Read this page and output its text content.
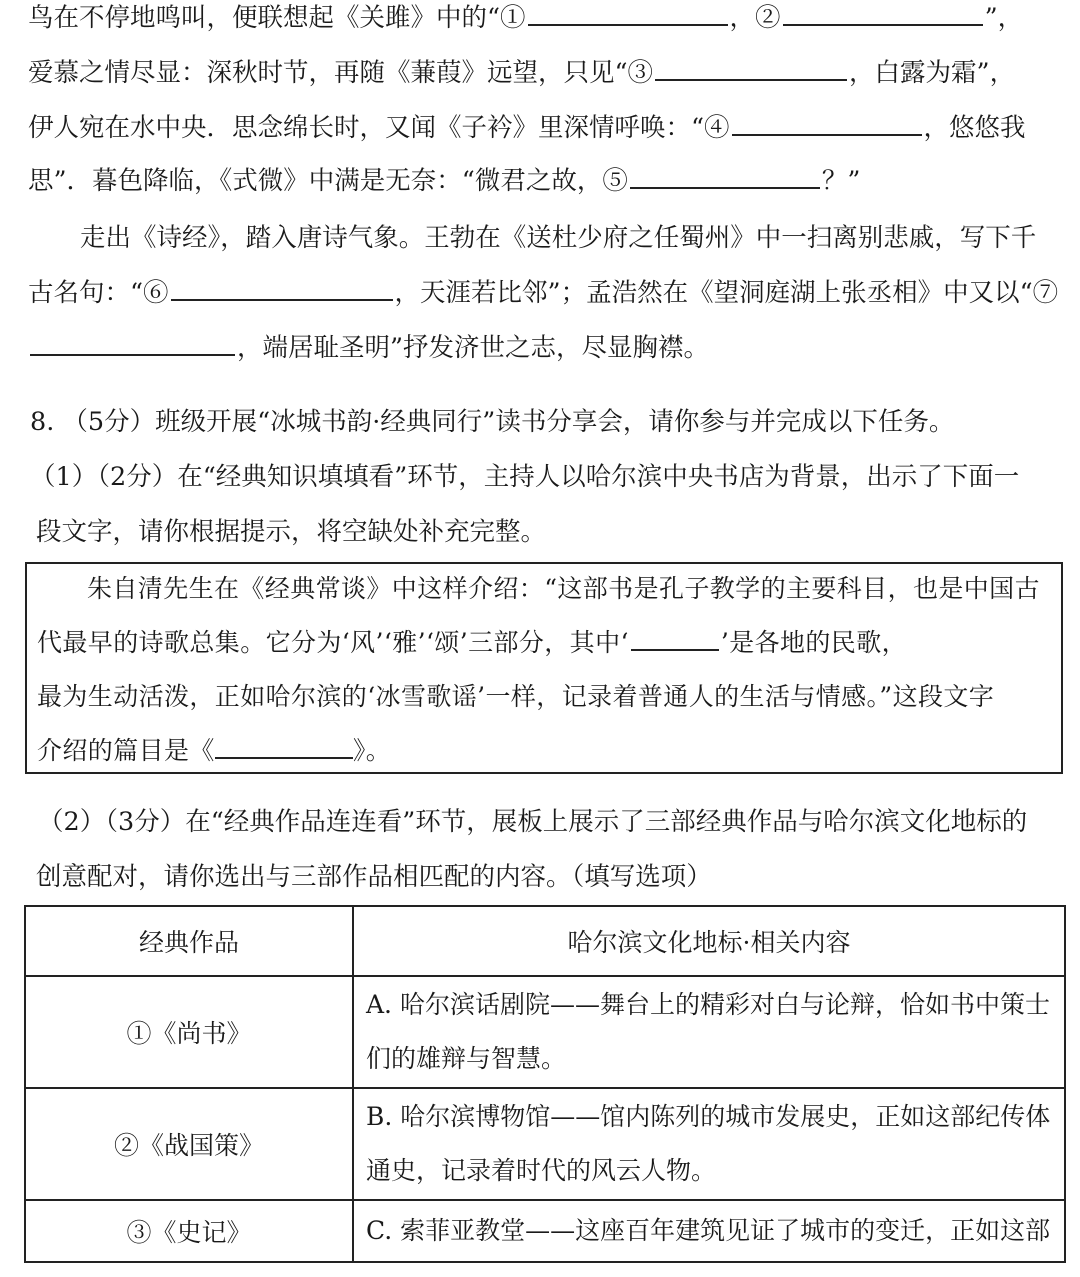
鸟在不停地鸣叫，便联想起《关雎》中的“①	，②	”，
爱慕之情尽显：深秋时节，再随《蒹葭》远望，只见“③	，白露为霜”，
伊人宛在水中央．思念绵长时，又闻《子衿》里深情呼唤：“④	，悠悠我
思”．暮色降临，《式微》中满是无奈：“微君之故，⑤	？”
走出《诗经》，踏入唐诗气象。王勃在《送杜少府之任蜀州》中一扫离别悲戚，写下千
古名句：“⑥	，天涯若比邻”；孟浩然在《望洞庭湖上张丞相》中又以“⑦
，端居耻圣明”抒发济世之志，尽显胸襟。
8. （5分）班级开展“冰城书韵·经典同行”读书分享会，请你参与并完成以下任务。
（1）（2分）在“经典知识填填看”环节，主持人以哈尔滨中央书店为背景，出示了下面一
段文字，请你根据提示，将空缺处补充完整。
朱自清先生在《经典常谈》中这样介绍：“这部书是孔子教学的主要科目，也是中国古
代最早的诗歌总集。它分为‘风’‘雅’‘颂’三部分，其中‘	’是各地的民歌，
最为生动活泼，正如哈尔滨的‘冰雪歌谣’一样，记录着普通人的生活与情感。”这段文字
介绍的篇目是《	》。
（2）（3分）在“经典作品连连看”环节，展板上展示了三部经典作品与哈尔滨文化地标的
创意配对，请你选出与三部作品相匹配的内容。（填写选项）
经典作品	哈尔滨文化地标·相关内容
①《尚书》	A. 哈尔滨话剧院——舞台上的精彩对白与论辩，恰如书中策士
们的雄辩与智慧。

②《战国策》	B. 哈尔滨博物馆——馆内陈列的城市发展史，正如这部纪传体
通史，记录着时代的风云人物。

③《史记》	C. 索菲亚教堂——这座百年建筑见证了城市的变迁，正如这部
